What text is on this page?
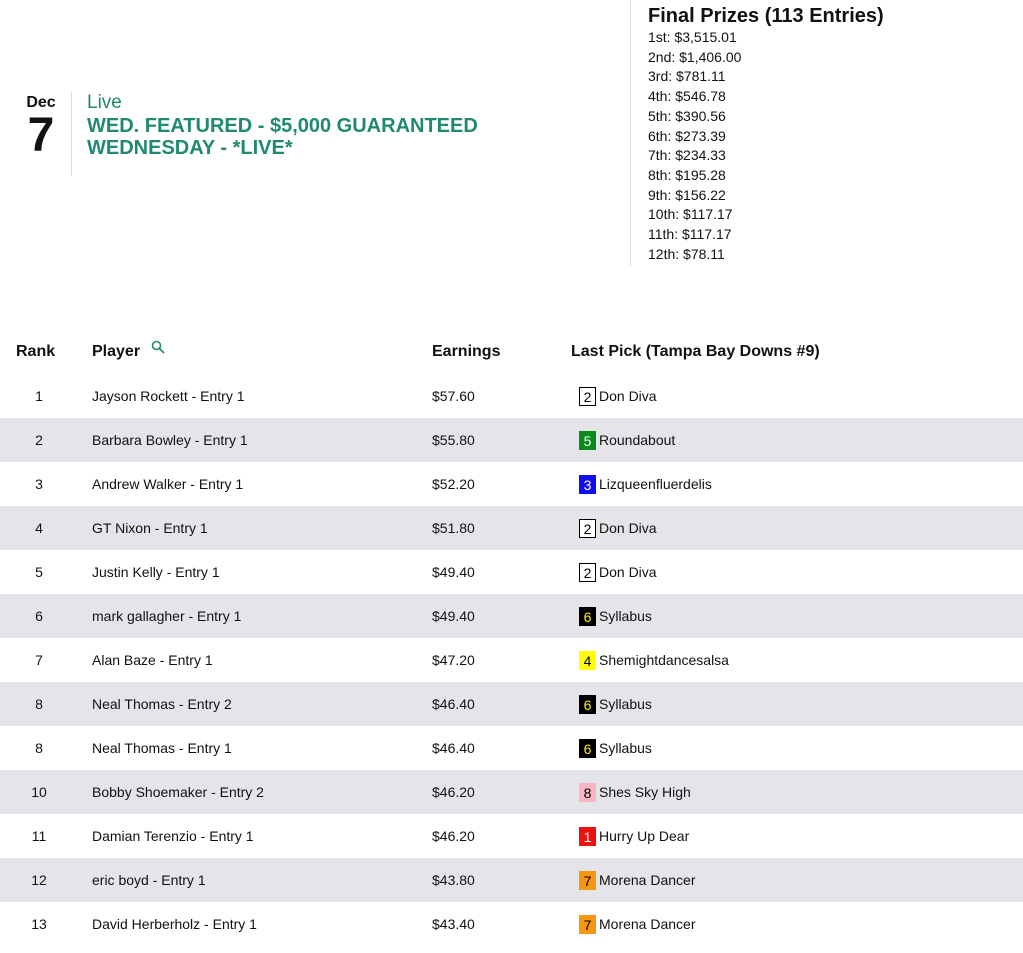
Dec
7
Live
WED. FEATURED - $5,000 GUARANTEED
WEDNESDAY - *LIVE*
Final Prizes (113 Entries)
1st: $3,515.01
2nd: $1,406.00
3rd: $781.11
4th: $546.78
5th: $390.56
6th: $273.39
7th: $234.33
8th: $195.28
9th: $156.22
10th: $117.17
11th: $117.17
12th: $78.11
Rank	Player	Earnings	Last Pick (Tampa Bay Downs #9)
1	Jayson Rockett - Entry 1	$57.60	2 Don Diva

2	Barbara Bowley - Entry 1	$55.80	5 Roundabout

3	Andrew Walker - Entry 1	$52.20	3 Lizqueenfluerdelis

4	GT Nixon - Entry 1	$51.80	2 Don Diva

5	Justin Kelly - Entry 1	$49.40	2 Don Diva

6	mark gallagher - Entry 1	$49.40	6 Syllabus

7	Alan Baze - Entry 1	$47.20	4 Shemightdancesalsa

8	Neal Thomas - Entry 2	$46.40	6 Syllabus

8	Neal Thomas - Entry 1	$46.40	6 Syllabus

10	Bobby Shoemaker - Entry 2	$46.20	8 Shes Sky High

11	Damian Terenzio - Entry 1	$46.20	1 Hurry Up Dear

12	eric boyd - Entry 1	$43.80	7 Morena Dancer

13	David Herberholz - Entry 1	$43.40	7 Morena Dancer
